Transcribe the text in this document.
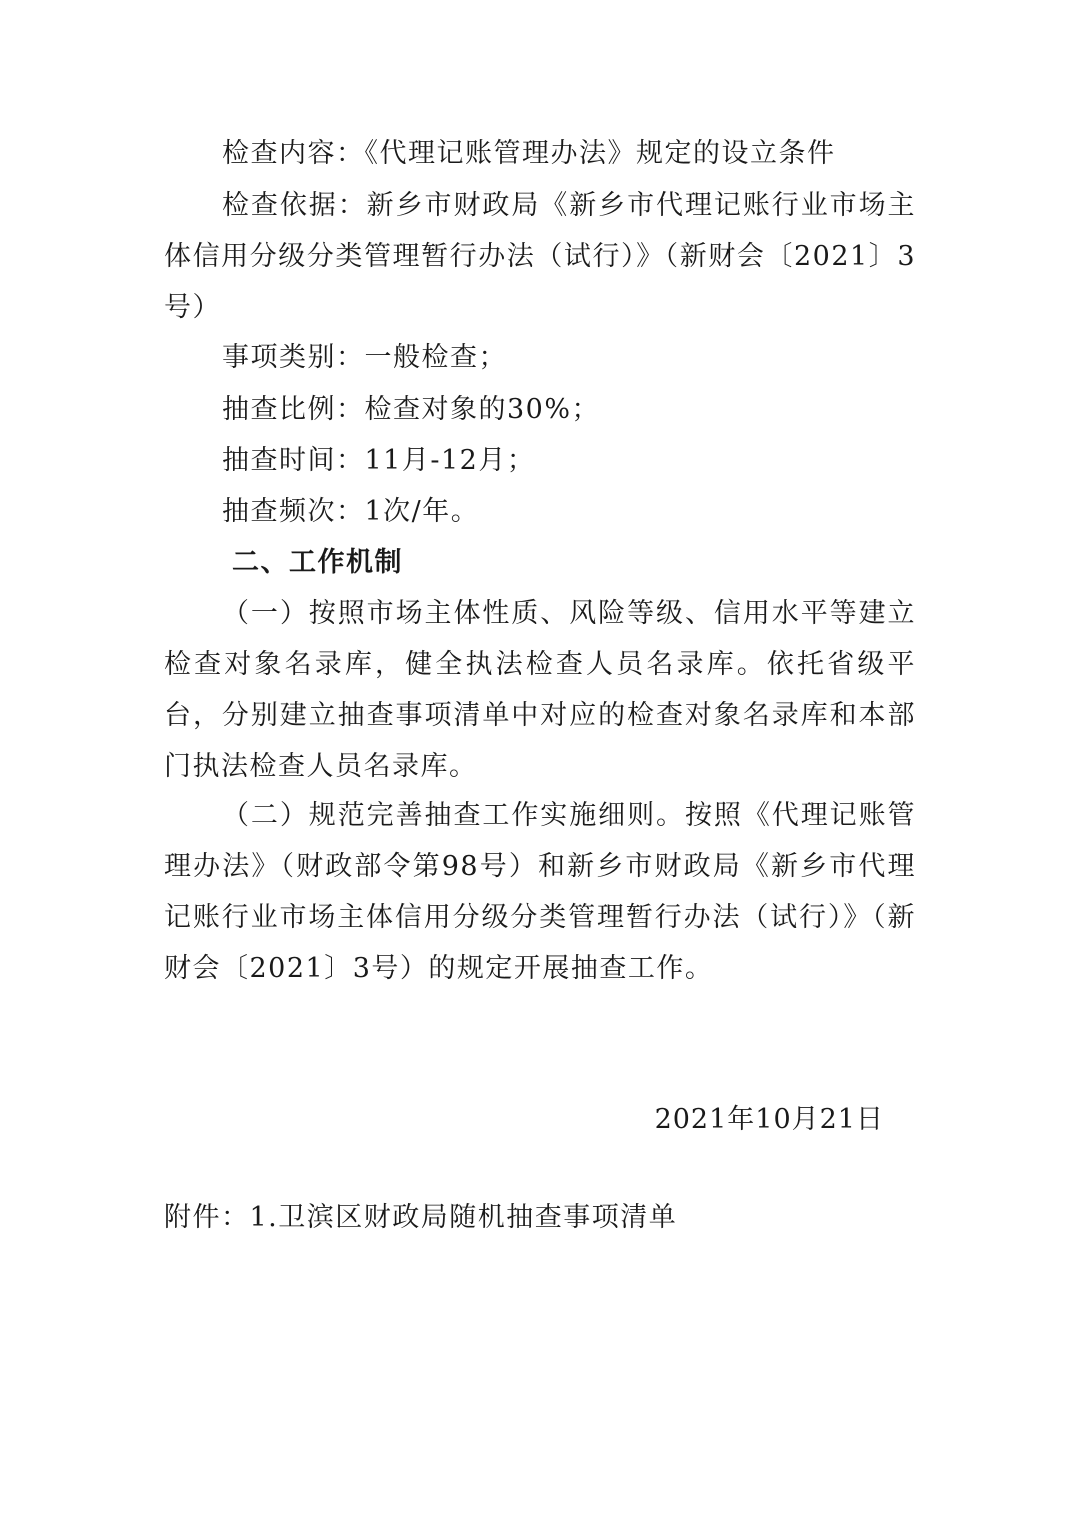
检查内容：《代理记账管理办法》规定的设立条件

检查依据：新乡市财政局《新乡市代理记账行业市场主体信用分级分类管理暂行办法（试行）》（新财会〔2021〕3号）

事项类别：一般检查；

抽查比例：检查对象的30%；

抽查时间：11月-12月；

抽查频次：1次/年。

二、工作机制

（一）按照市场主体性质、风险等级、信用水平等建立检查对象名录库，健全执法检查人员名录库。依托省级平台，分别建立抽查事项清单中对应的检查对象名录库和本部门执法检查人员名录库。

（二）规范完善抽查工作实施细则。按照《代理记账管理办法》（财政部令第98号）和新乡市财政局《新乡市代理记账行业市场主体信用分级分类管理暂行办法（试行）》（新财会〔2021〕3号）的规定开展抽查工作。

2021年10月21日

附件：1.卫滨区财政局随机抽查事项清单
